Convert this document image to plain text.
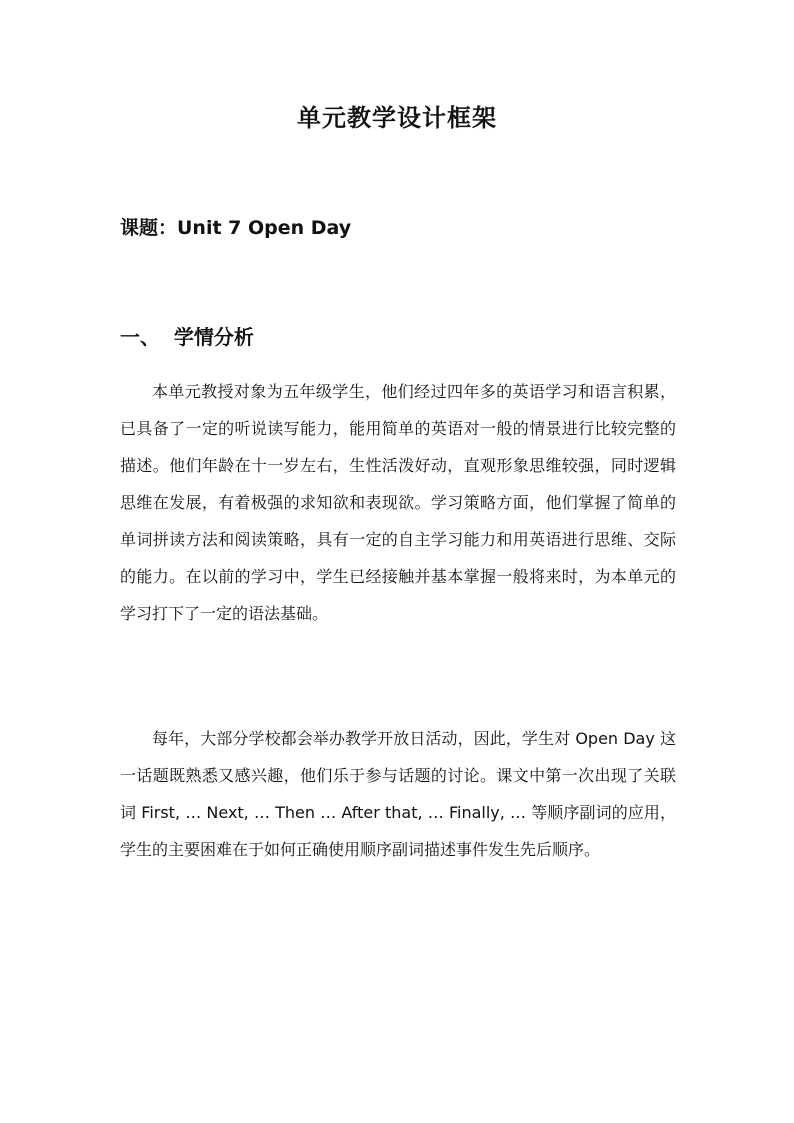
单元教学设计框架
课题：Unit 7 Open Day
一、  学情分析

本单元教授对象为五年级学生，他们经过四年多的英语学习和语言积累，已具备了一定的听说读写能力，能用简单的英语对一般的情景进行比较完整的描述。他们年龄在十一岁左右，生性活泼好动，直观形象思维较强，同时逻辑思维在发展，有着极强的求知欲和表现欲。学习策略方面，他们掌握了简单的单词拼读方法和阅读策略，具有一定的自主学习能力和用英语进行思维、交际的能力。在以前的学习中，学生已经接触并基本掌握一般将来时，为本单元的学习打下了一定的语法基础。

每年，大部分学校都会举办教学开放日活动，因此，学生对 Open Day 这一话题既熟悉又感兴趣，他们乐于参与话题的讨论。课文中第一次出现了关联词 First, … Next, … Then … After that, … Finally, … 等顺序副词的应用，学生的主要困难在于如何正确使用顺序副词描述事件发生先后顺序。
